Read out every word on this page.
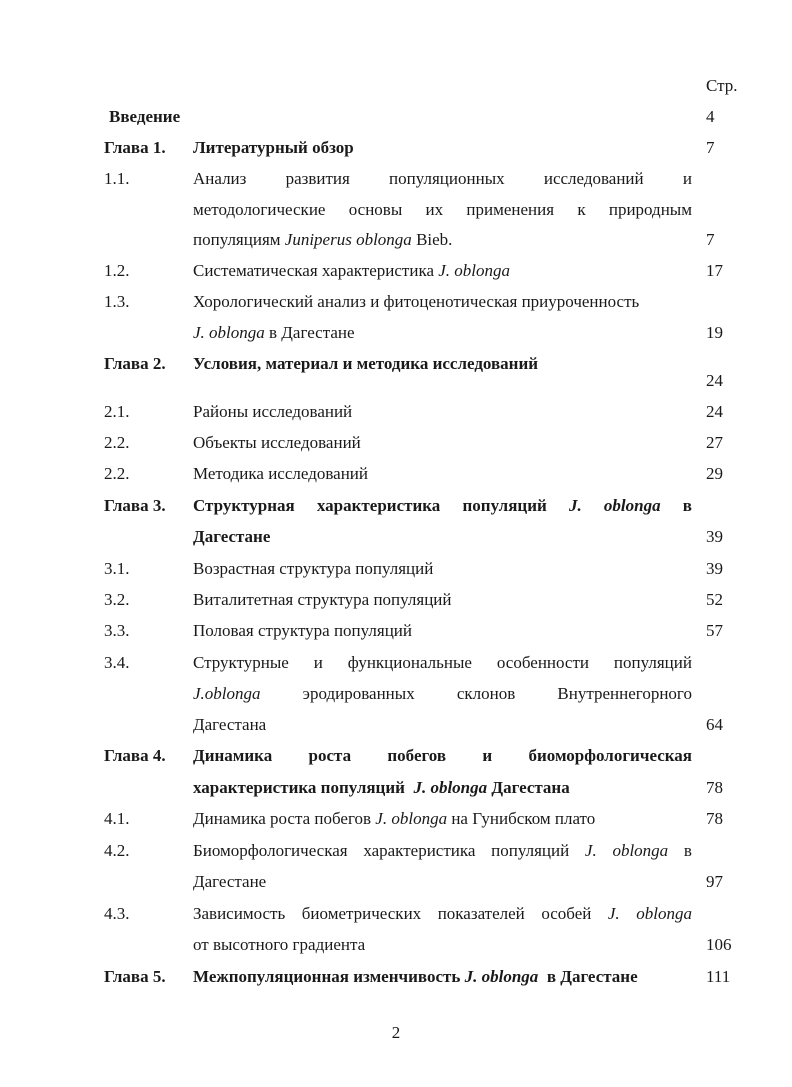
Стр.
Введение	4
Глава 1. Литературный обзор	7
1.1.	Анализ развития популяционных исследований и
методологические основы их применения к природным
популяциям Juniperus oblonga Bieb.	7
1.2.	Систематическая характеристика J. oblonga	17
1.3.	Хорологический анализ и фитоценотическая приуроченность
J. oblonga в Дагестане	19
Глава 2. Условия, материал и методика исследований
24
2.1.	Районы исследований	24
2.2.	Объекты исследований	27
2.2.	Методика исследований	29
Глава 3. Структурная характеристика популяций J. oblonga в
Дагестане	39
3.1.	Возрастная структура популяций	39
3.2.	Виталитетная структура популяций	52
3.3.	Половая структура популяций	57
3.4.	Структурные и функциональные особенности популяций
J.oblonga эродированных склонов Внутреннегорного
Дагестана	64
Глава 4. Динамика роста побегов и биоморфологическая
характеристика популяций  J. oblonga Дагестана	78
4.1.	Динамика роста побегов J. oblonga на Гунибском плато	78
4.2.	Биоморфологическая характеристика популяций J. oblonga в
Дагестане	97
4.3.	Зависимость биометрических показателей особей J. oblonga
от высотного градиента	106
Глава 5. Межпопуляционная изменчивость J. oblonga  в Дагестане	111
2
